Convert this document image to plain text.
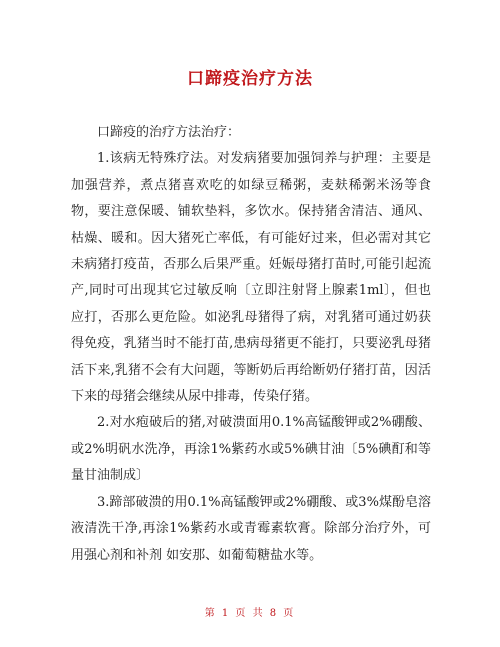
口蹄疫治疗方法

口蹄疫的治疗方法治疗：

1.该病无特殊疗法。对发病猪要加强饲养与护理：主要是加强营养，煮点猪喜欢吃的如绿豆稀粥，麦麸稀粥米汤等食物，要注意保暖、铺软垫料，多饮水。保持猪舍清洁、通风、枯燥、暖和。因大猪死亡率低，有可能好过来，但必需对其它未病猪打疫苗，否那么后果严重。妊娠母猪打苗时,可能引起流产,同时可出现其它过敏反响〔立即注射肾上腺素1ml〕，但也应打，否那么更危险。如泌乳母猪得了病，对乳猪可通过奶获得免疫，乳猪当时不能打苗,患病母猪更不能打，只要泌乳母猪活下来,乳猪不会有大问题，等断奶后再给断奶仔猪打苗，因活下来的母猪会继续从尿中排毒，传染仔猪。

2.对水疱破后的猪,对破溃面用0.1%高锰酸钾或2%硼酸、或2%明矾水洗净，再涂1%紫药水或5%碘甘油〔5%碘酊和等量甘油制成〕

3.蹄部破溃的用0.1%高锰酸钾或2%硼酸、或3%煤酚皂溶液清洗干净,再涂1%紫药水或青霉素软膏。除部分治疗外，可用强心剂和补剂 如安那、如葡萄糖盐水等。

第 1 页 共 8 页
